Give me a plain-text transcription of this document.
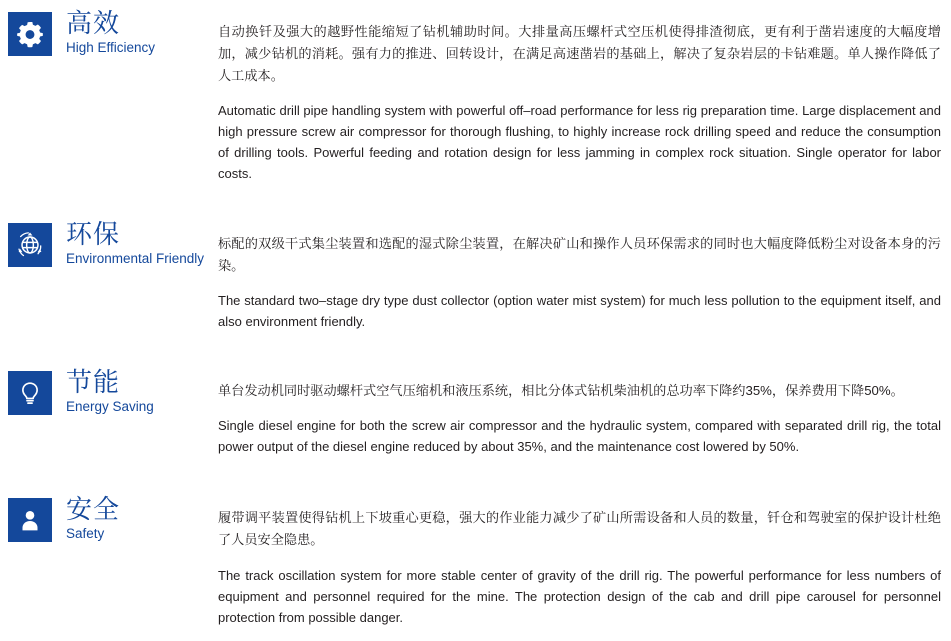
高效
High Efficiency

自动换钎及强大的越野性能缩短了钻机辅助时间。大排量高压螺杆式空压机使得排渣彻底，更有利于凿岩速度的大幅度增加，减少钻机的消耗。强有力的推进、回转设计，在满足高速凿岩的基础上，解决了复杂岩层的卡钻难题。单人操作降低了人工成本。

Automatic drill pipe handling system with powerful off–road performance for less rig preparation time. Large displacement and high pressure screw air compressor for thorough flushing, to highly increase rock drilling speed and reduce the consumption of drilling tools. Powerful feeding and rotation design for less jamming in complex rock situation. Single operator for labor costs.

环保
Environmental Friendly

标配的双级干式集尘装置和选配的湿式除尘装置，在解决矿山和操作人员环保需求的同时也大幅度降低粉尘对设备本身的污染。

The standard two–stage dry type dust collector (option water mist system) for much less pollution to the equipment itself, and also environment friendly.

节能
Energy Saving

单台发动机同时驱动螺杆式空气压缩机和液压系统，相比分体式钻机柴油机的总功率下降约35%，保养费用下降50%。

Single diesel engine for both the screw air compressor and the hydraulic system, compared with separated drill rig, the total power output of the diesel engine reduced by about 35%, and the maintenance cost lowered by 50%.

安全
Safety

履带调平装置使得钻机上下坡重心更稳，强大的作业能力减少了矿山所需设备和人员的数量，钎仓和驾驶室的保护设计杜绝了人员安全隐患。

The track oscillation system for more stable center of gravity of the drill rig. The powerful performance for less numbers of equipment and personnel required for the mine. The protection design of the cab and drill pipe carousel for personnel protection from possible danger.
